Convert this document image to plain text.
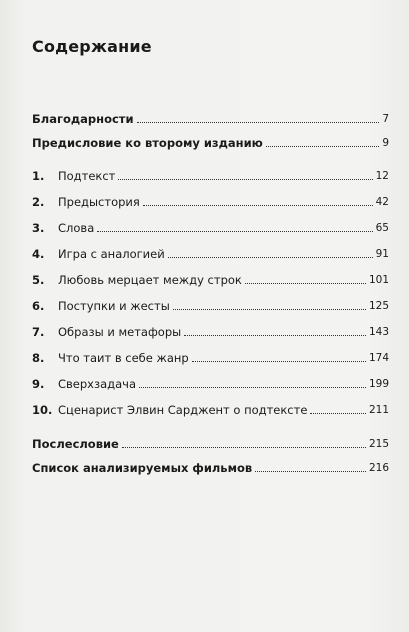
Содержание
Благодарности	7
Предисловие ко второму изданию	9
1.	Подтекст	12
2.	Предыстория	42
3.	Слова	65
4.	Игра с аналогией	91
5.	Любовь мерцает между строк	101
6.	Поступки и жесты	125
7.	Образы и метафоры	143
8.	Что таит в себе жанр	174
9.	Сверхзадача	199
10. Сценарист Элвин Сарджент о подтексте	211
Послесловие	215
Список анализируемых фильмов	216
